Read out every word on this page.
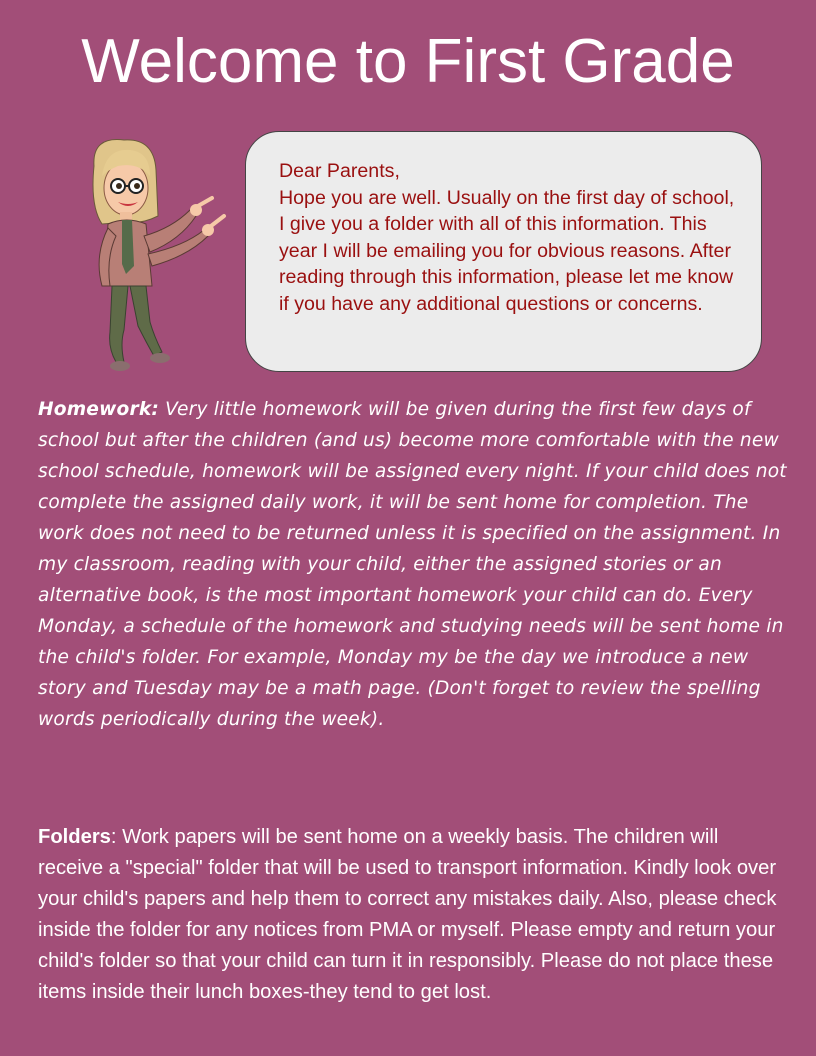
Welcome to First Grade

Dear Parents,

Hope you are well. Usually on the first day of school, I give you a folder with all of this information. This year I will be emailing you for obvious reasons. After reading through this information, please let me know if you have any additional questions or concerns.

Homework: Very little homework will be given during the first few days of school but after the children (and us) become more comfortable with the new school schedule, homework will be assigned every night. If your child does not complete the assigned daily work, it will be sent home for completion. The work does not need to be returned unless it is specified on the assignment. In my classroom, reading with your child, either the assigned stories or an alternative book, is the most important homework your child can do. Every Monday, a schedule of the homework and studying needs will be sent home in the child's folder. For example, Monday my be the day we introduce a new story and Tuesday may be a math page. (Don't forget to review the spelling words periodically during the week).
Folders: Work papers will be sent home on a weekly basis. The children will receive a "special" folder that will be used to transport information. Kindly look over your child's papers and help them to correct any mistakes daily. Also, please check inside the folder for any notices from PMA or myself. Please empty and return your child's folder so that your child can turn it in responsibly. Please do not place these items inside their lunch boxes-they tend to get lost.
